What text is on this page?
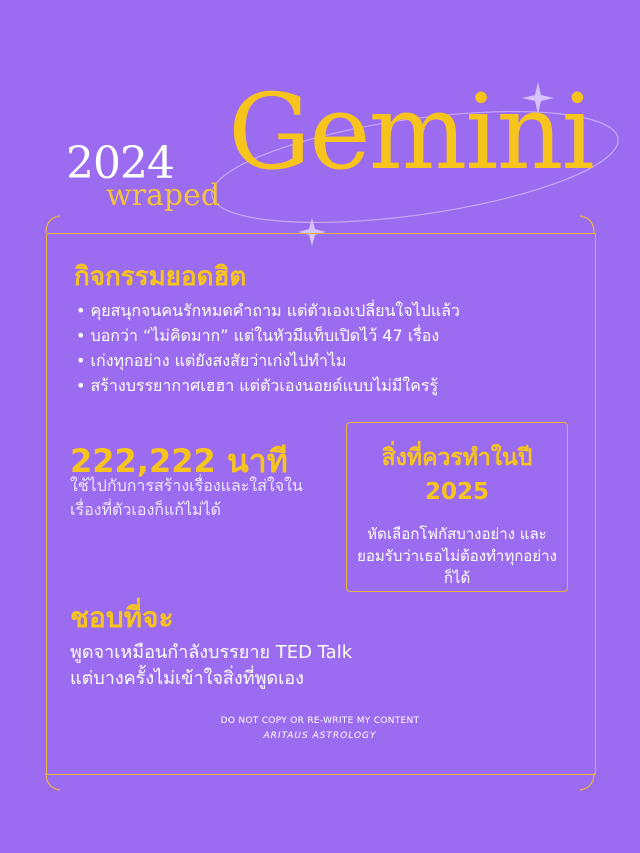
2024
wraped
Gemini
กิจกรรมยอดฮิต
• คุยสนุกจนคนรักหมดคำถาม แต่ตัวเองเปลี่ยนใจไปแล้ว
• บอกว่า “ไม่คิดมาก” แต่ในหัวมีแท็บเปิดไว้ 47 เรื่อง
• เก่งทุกอย่าง แต่ยังสงสัยว่าเก่งไปทำไม
• สร้างบรรยากาศเฮฮา แต่ตัวเองนอยด์แบบไม่มีใครรู้
222,222 นาที
ใช้ไปกับการสร้างเรื่องและใส่ใจในเรื่องที่ตัวเองก็แก้ไม่ได้
สิ่งที่ควรทำในปี 2025
หัดเลือกโฟกัสบางอย่าง และยอมรับว่าเธอไม่ต้องทำทุกอย่างก็ได้
ชอบที่จะ
พูดจาเหมือนกำลังบรรยาย TED Talk
แต่บางครั้งไม่เข้าใจสิ่งที่พูดเอง
DO NOT COPY OR RE-WRITE MY CONTENT
ARITAUS ASTROLOGY
